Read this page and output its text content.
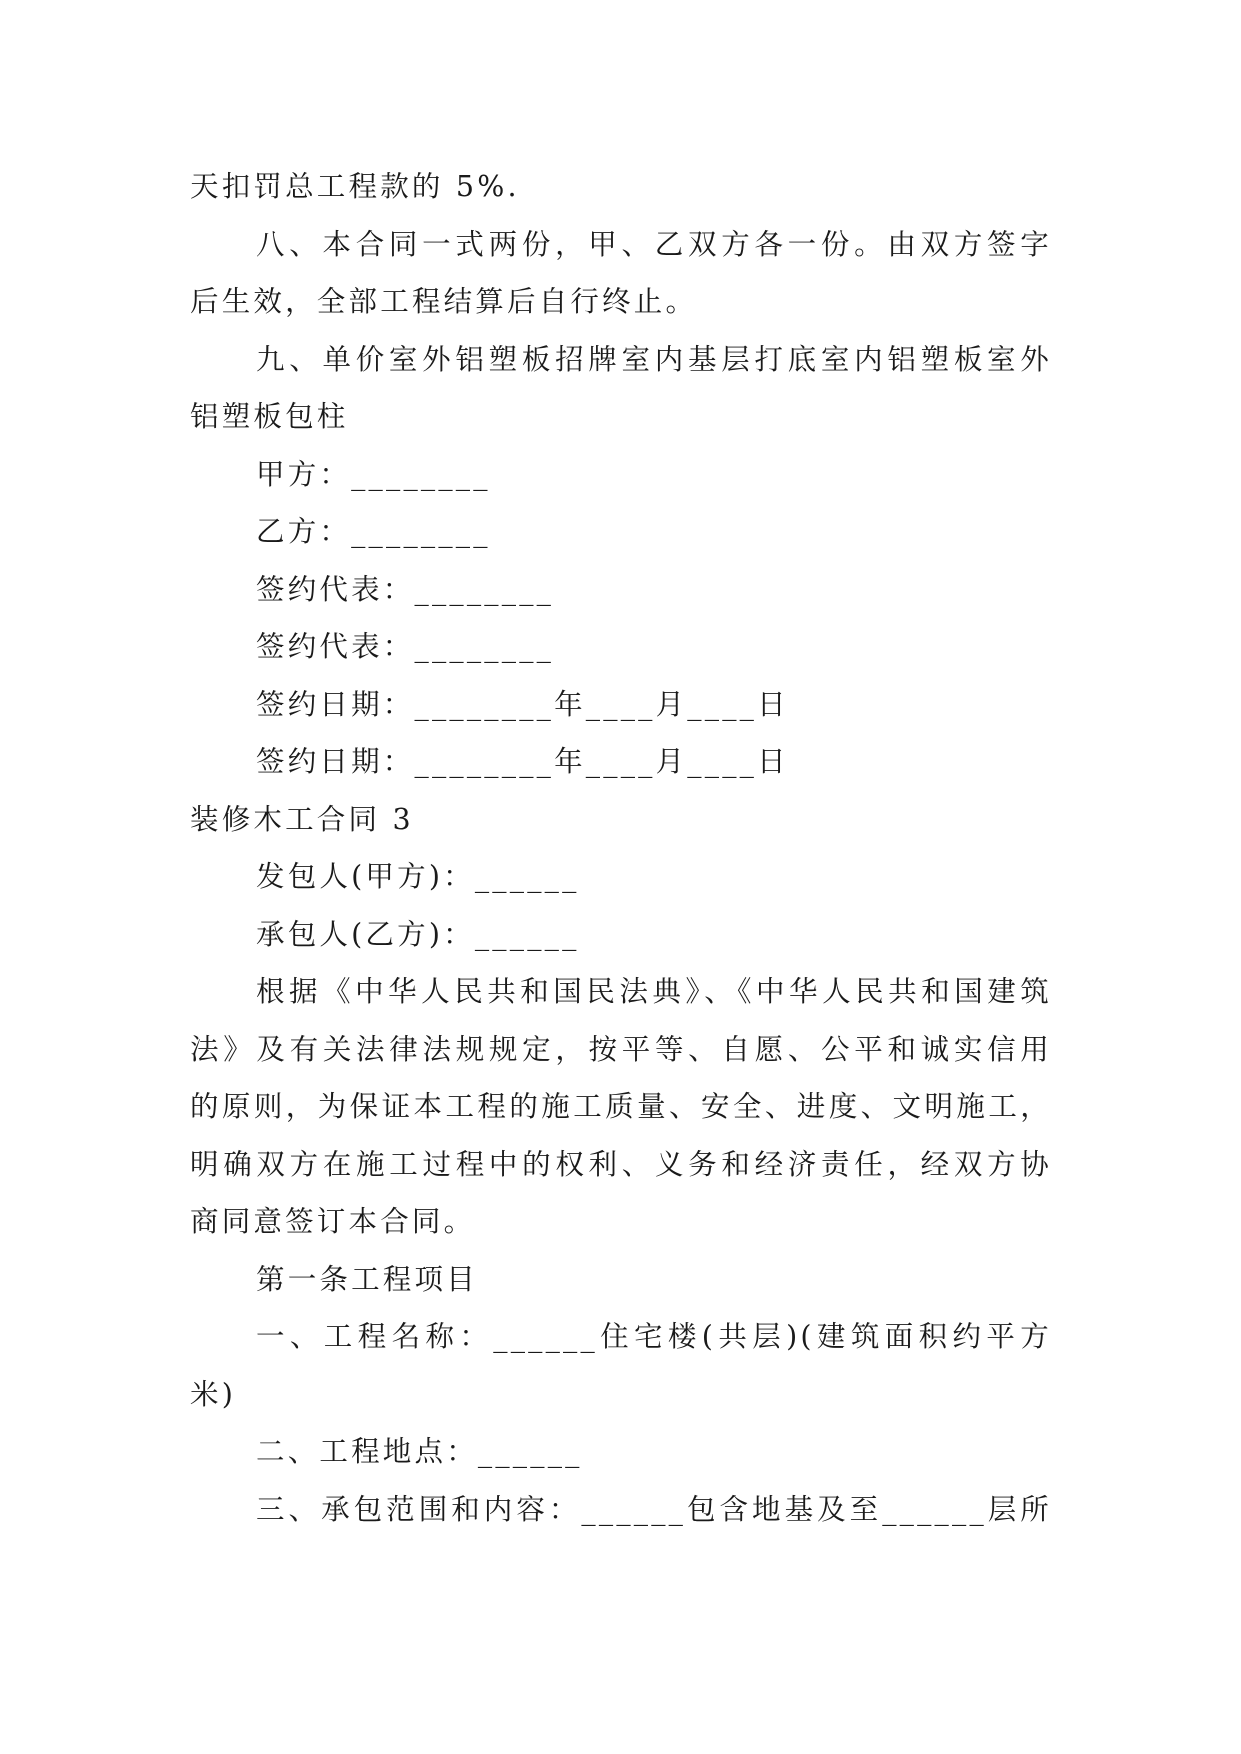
天扣罚总工程款的 5%.
八、本合同一式两份，甲、乙双方各一份。由双方签字
后生效，全部工程结算后自行终止。
九、单价室外铝塑板招牌室内基层打底室内铝塑板室外
铝塑板包柱
甲方：________
乙方：________
签约代表：________
签约代表：________
签约日期：________年____月____日
签约日期：________年____月____日
装修木工合同 3
发包人(甲方)：______
承包人(乙方)：______
根据《中华人民共和国民法典》、《中华人民共和国建筑
法》及有关法律法规规定，按平等、自愿、公平和诚实信用
的原则，为保证本工程的施工质量、安全、进度、文明施工，
明确双方在施工过程中的权利、义务和经济责任，经双方协
商同意签订本合同。
第一条工程项目
一、工程名称：______住宅楼(共层)(建筑面积约平方
米)
二、工程地点：______
三、承包范围和内容：______包含地基及至______层所
